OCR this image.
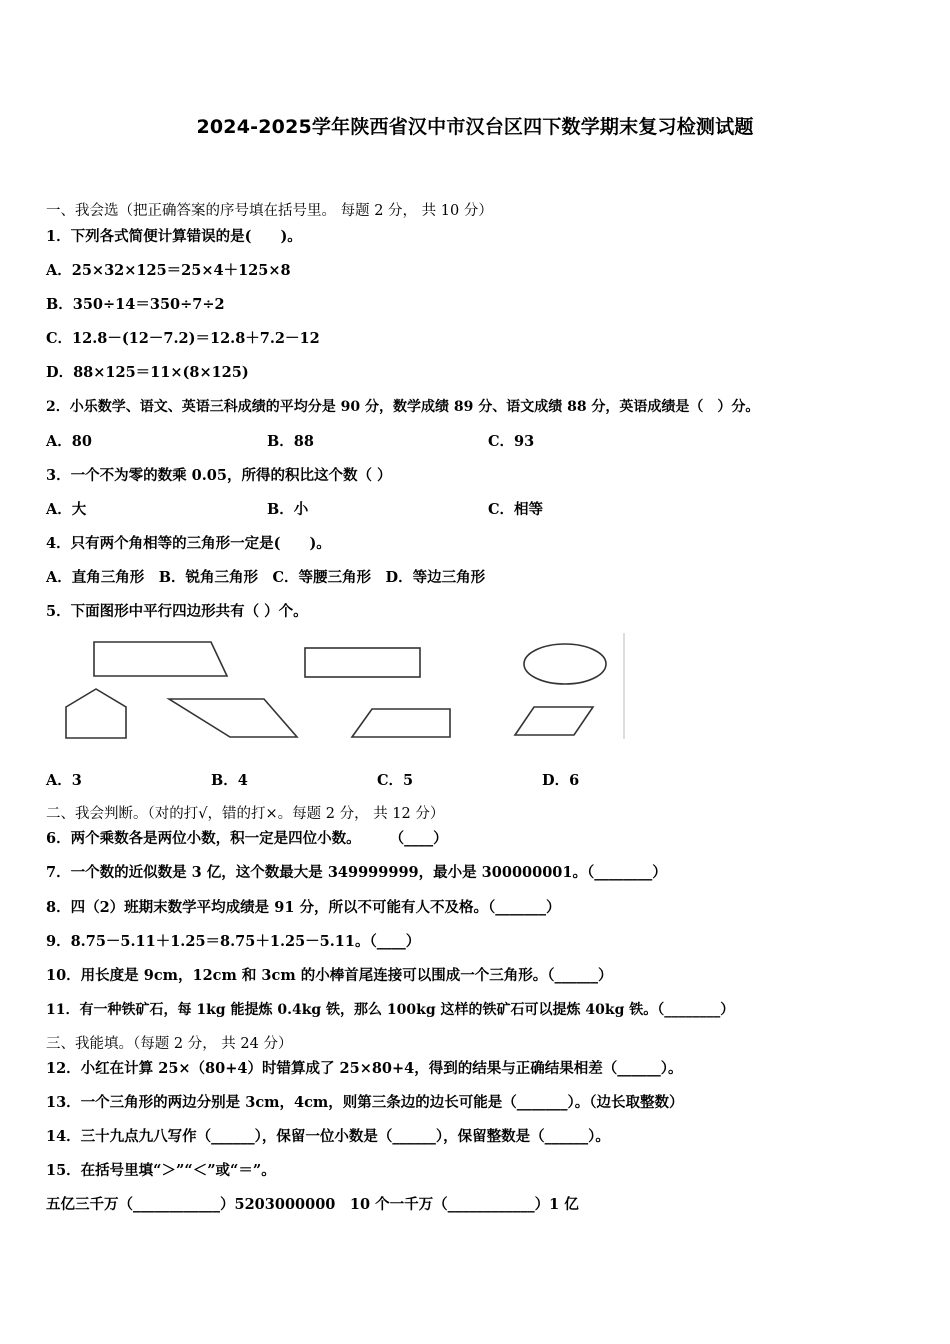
2024-2025学年陕西省汉中市汉台区四下数学期末复习检测试题
一、我会选（把正确答案的序号填在括号里。 每题 2 分， 共 10 分）
1．下列各式简便计算错误的是(　　)。
A．25×32×125＝25×4＋125×8
B．350÷14＝350÷7÷2
C．12.8－(12－7.2)＝12.8＋7.2－12
D．88×125＝11×(8×125)
2．小乐数学、语文、英语三科成绩的平均分是 90 分，数学成绩 89 分、语文成绩 88 分，英语成绩是（　）分。
A．80	B．88	C．93
3．一个不为零的数乘 0.05，所得的积比这个数（ ）
A．大	B．小	C．相等
4．只有两个角相等的三角形一定是(　　)。
A．直角三角形　B．锐角三角形　C．等腰三角形　D．等边三角形
5．下面图形中平行四边形共有（ ）个。
A．3	B．4	C．5	D．6
二、我会判断。（对的打√，错的打×。每题 2 分， 共 12 分）
6．两个乘数各是两位小数，积一定是四位小数。　　　（____）
7．一个数的近似数是 3 亿，这个数最大是 349999999，最小是 300000001。（________）
8．四（2）班期末数学平均成绩是 91 分，所以不可能有人不及格。（_______）
9．8.75－5.11＋1.25＝8.75＋1.25－5.11。（____）
10．用长度是 9cm，12cm 和 3cm 的小棒首尾连接可以围成一个三角形。（______）
11．有一种铁矿石，每 1kg 能提炼 0.4kg 铁，那么 100kg 这样的铁矿石可以提炼 40kg 铁。（________）
三、我能填。（每题 2 分， 共 24 分）
12．小红在计算 25×（80+4）时错算成了 25×80+4，得到的结果与正确结果相差（______）。
13．一个三角形的两边分别是 3cm，4cm，则第三条边的边长可能是（_______）。（边长取整数）
14．三十九点九八写作（______），保留一位小数是（______），保留整数是（______）。
15．在括号里填“＞”“＜”或“＝”。
五亿三千万（____________）5203000000　10 个一千万（____________）1 亿
